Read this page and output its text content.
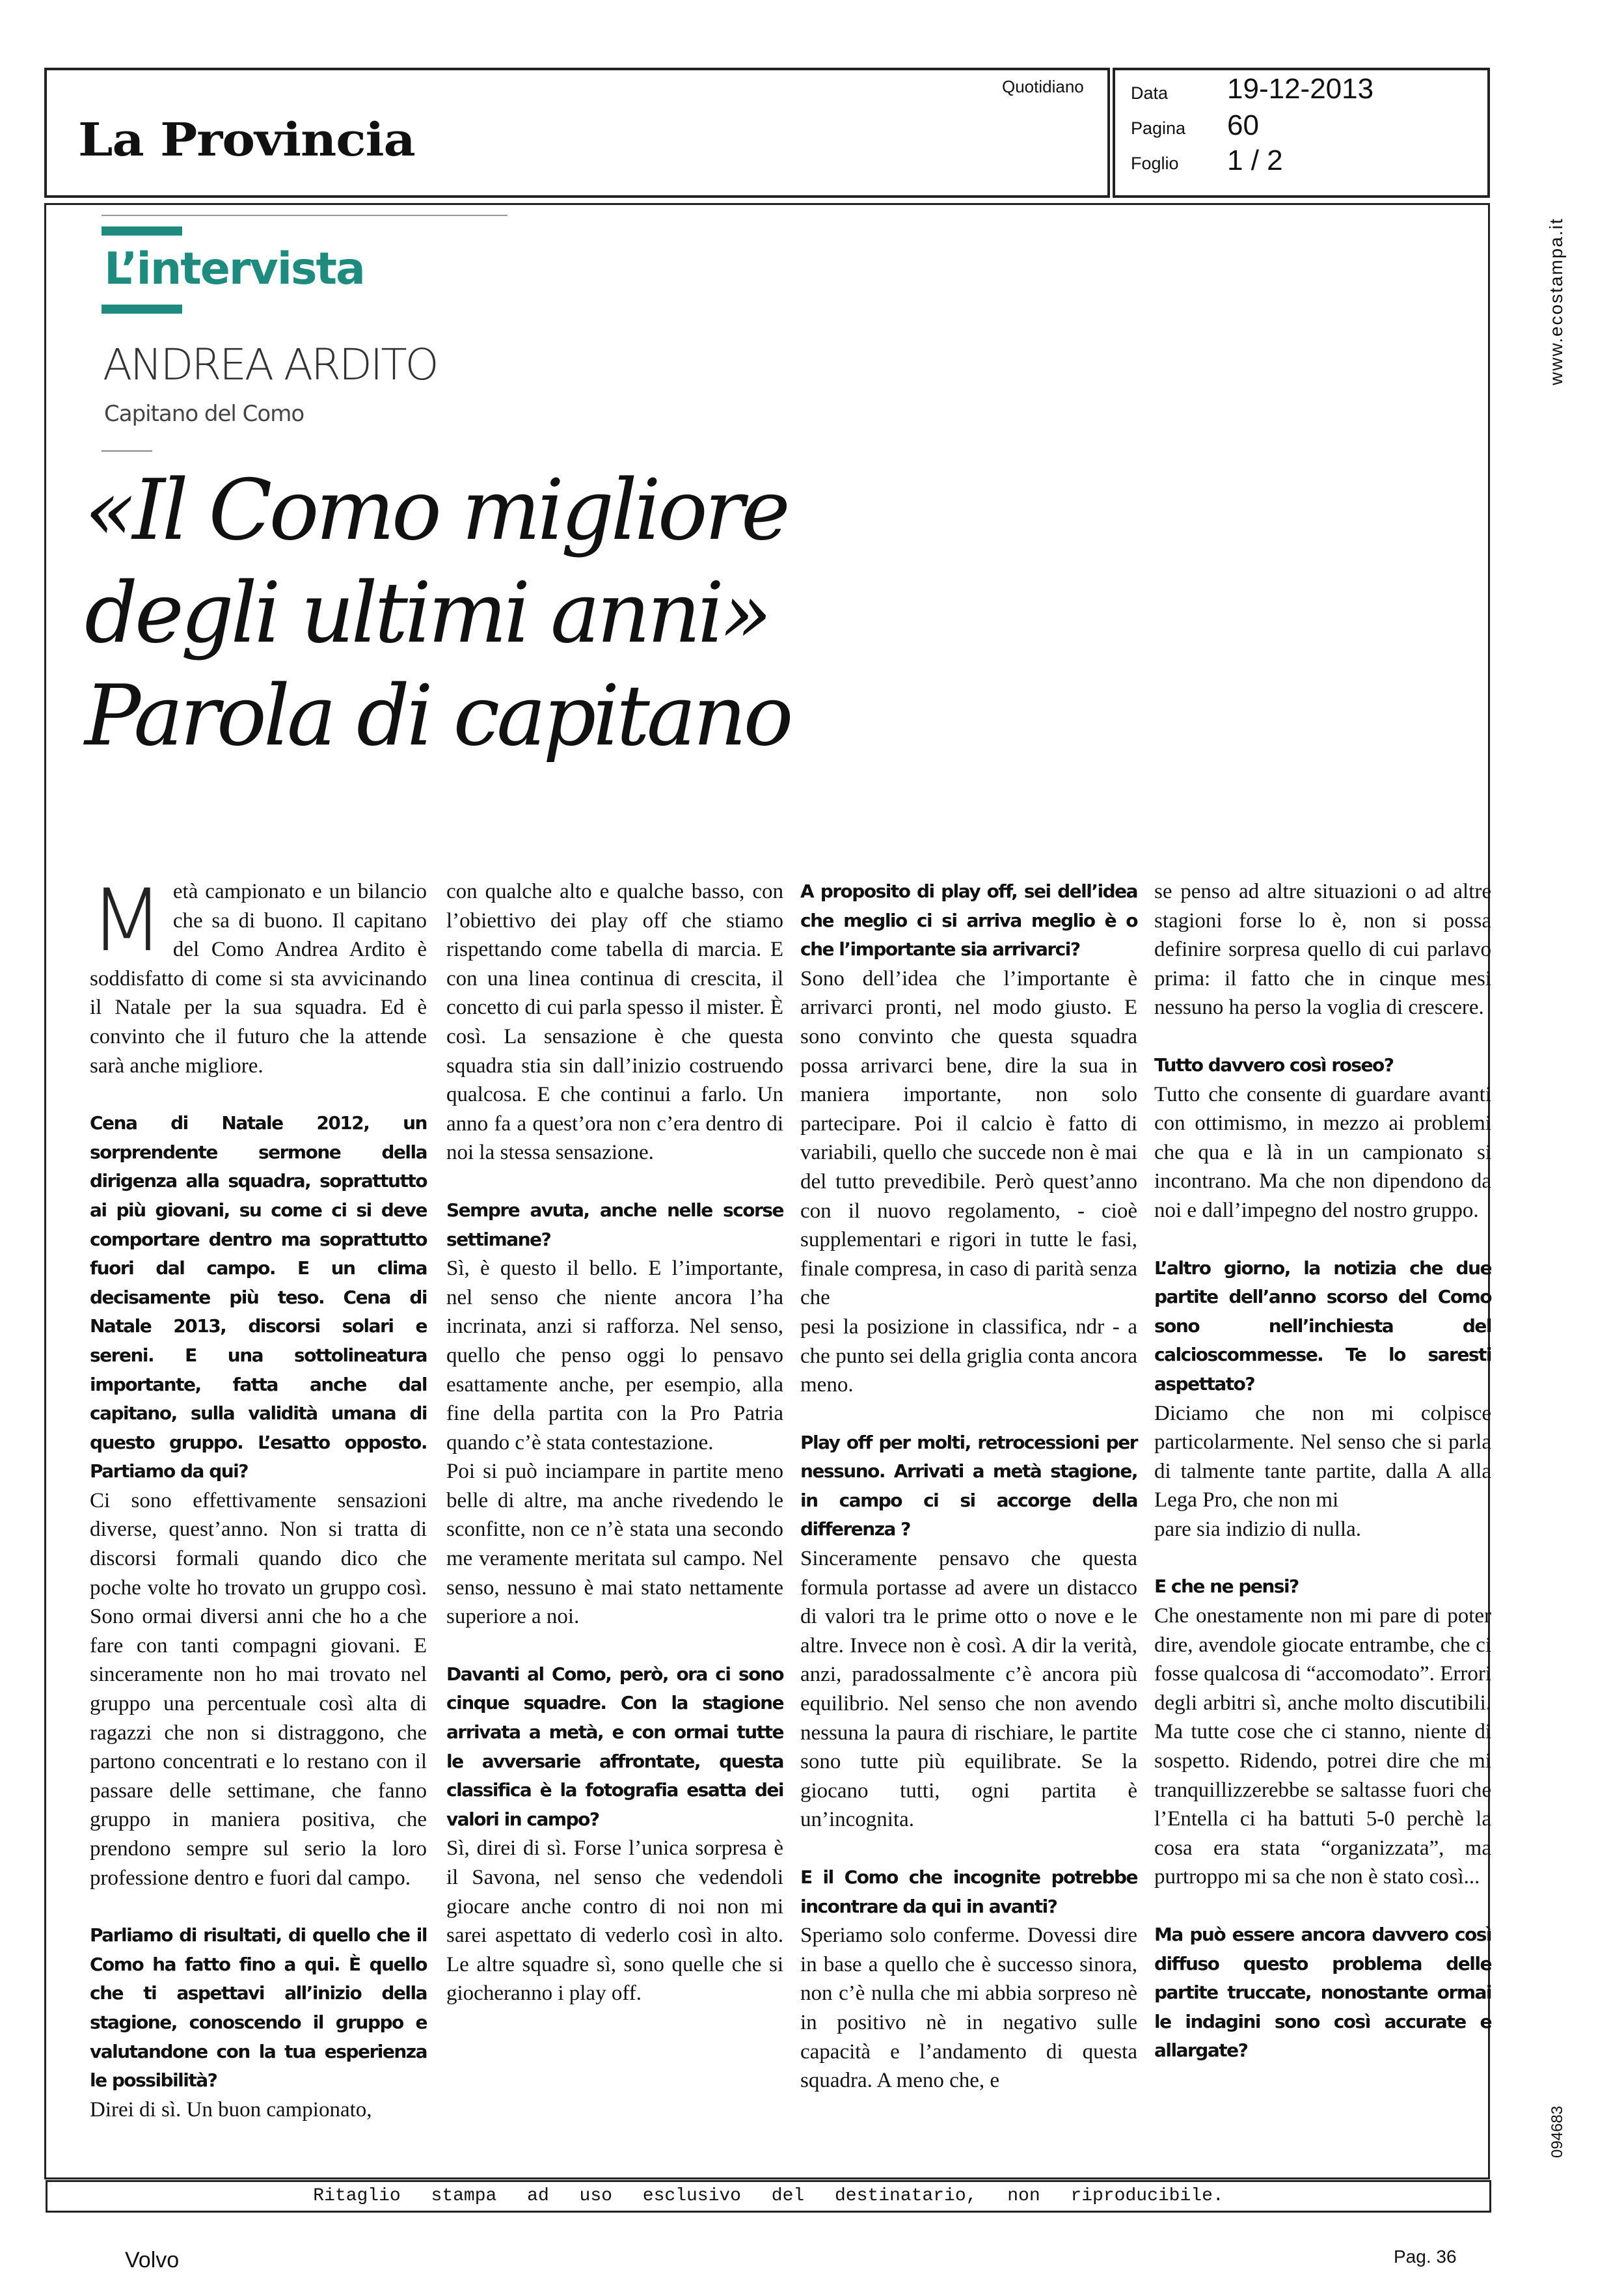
La Provincia
Quotidiano	Data 19-12-2013
Pagina 60
Foglio 1 / 2
L’intervista
ANDREA ARDITO
Capitano del Como
«Il Como migliore
degli ultimi anni»
Parola di capitano

Metà campionato e un bilancio che sa di buono. Il capitano del Como Andrea Ardito è soddisfatto di come si sta avvicinando il Natale per la sua squadra. Ed è convinto che il futuro che la attende sarà anche migliore.

Cena di Natale 2012, un sorprendente sermone della dirigenza alla squadra, soprattutto ai più giovani, su come ci si deve comportare dentro ma soprattutto fuori dal campo. E un clima decisamente più teso. Cena di Natale 2013, discorsi solari e sereni. E una sottolineatura importante, fatta anche dal capitano, sulla validità umana di questo gruppo. L’esatto opposto. Partiamo da qui?

Ci sono effettivamente sensazioni diverse, quest’anno. Non si tratta di discorsi formali quando dico che poche volte ho trovato un gruppo così. Sono ormai diversi anni che ho a che fare con tanti compagni giovani. E sinceramente non ho mai trovato nel gruppo una percentuale così alta di ragazzi che non si distraggono, che partono concentrati e lo restano con il passare delle settimane, che fanno gruppo in maniera positiva, che prendono sempre sul serio la loro professione dentro e fuori dal campo.

Parliamo di risultati, di quello che il Como ha fatto fino a qui. È quello che ti aspettavi all’inizio della stagione, conoscendo il gruppo e valutandone con la tua esperienza le possibilità?

Direi di sì. Un buon campionato,

con qualche alto e qualche basso, con l’obiettivo dei play off che stiamo rispettando come tabella di marcia. E con una linea continua di crescita, il concetto di cui parla spesso il mister. È così. La sensazione è che questa squadra stia sin dall’inizio costruendo qualcosa. E che continui a farlo. Un anno fa a quest’ora non c’era dentro di noi la stessa sensazione.

Sempre avuta, anche nelle scorse settimane?

Sì, è questo il bello. E l’importante, nel senso che niente ancora l’ha incrinata, anzi si rafforza. Nel senso, quello che penso oggi lo pensavo esattamente anche, per esempio, alla fine della partita con la Pro Patria quando c’è stata contestazione.

Poi si può inciampare in partite meno belle di altre, ma anche rivedendo le sconfitte, non ce n’è stata una secondo me veramente meritata sul campo. Nel senso, nessuno è mai stato nettamente superiore a noi.

Davanti al Como, però, ora ci sono cinque squadre. Con la stagione arrivata a metà, e con ormai tutte le avversarie affrontate, questa classifica è la fotografia esatta dei valori in campo?

Sì, direi di sì. Forse l’unica sorpresa è il Savona, nel senso che vedendoli giocare anche contro di noi non mi sarei aspettato di vederlo così in alto. Le altre squadre sì, sono quelle che si giocheranno i play off.

A proposito di play off, sei dell’idea che meglio ci si arriva meglio è o che l’importante sia arrivarci?

Sono dell’idea che l’importante è arrivarci pronti, nel modo giusto. E sono convinto che questa squadra possa arrivarci bene, dire la sua in maniera importante, non solo partecipare. Poi il calcio è fatto di variabili, quello che succede non è mai del tutto prevedibile. Però quest’anno con il nuovo regolamento, - cioè supplementari e rigori in tutte le fasi, finale compresa, in caso di parità senza che

pesi la posizione in classifica, ndr - a che punto sei della griglia conta ancora meno.

Play off per molti, retrocessioni per nessuno. Arrivati a metà stagione, in campo ci si accorge della differenza ?

Sinceramente pensavo che questa formula portasse ad avere un distacco di valori tra le prime otto o nove e le altre. Invece non è così. A dir la verità, anzi, paradossalmente c’è ancora più equilibrio. Nel senso che non avendo nessuna la paura di rischiare, le partite sono tutte più equilibrate. Se la giocano tutti, ogni partita è un’incognita.

E il Como che incognite potrebbe incontrare da qui in avanti?

Speriamo solo conferme. Dovessi dire in base a quello che è successo sinora, non c’è nulla che mi abbia sorpreso nè in positivo nè in negativo sulle capacità e l’andamento di questa squadra. A meno che, e

se penso ad altre situazioni o ad altre stagioni forse lo è, non si possa definire sorpresa quello di cui parlavo prima: il fatto che in cinque mesi nessuno ha perso la voglia di crescere.

Tutto davvero così roseo?

Tutto che consente di guardare avanti con ottimismo, in mezzo ai problemi che qua e là in un campionato si incontrano. Ma che non dipendono da noi e dall’impegno del nostro gruppo.

L’altro giorno, la notizia che due partite dell’anno scorso del Como sono nell’inchiesta del calcioscommesse. Te lo saresti aspettato?

Diciamo che non mi colpisce particolarmente. Nel senso che si parla di talmente tante partite, dalla A alla Lega Pro, che non mi

pare sia indizio di nulla.

E che ne pensi?

Che onestamente non mi pare di poter dire, avendole giocate entrambe, che ci fosse qualcosa di “accomodato”. Errori degli arbitri sì, anche molto discutibili. Ma tutte cose che ci stanno, niente di sospetto. Ridendo, potrei dire che mi tranquillizzerebbe se saltasse fuori che l’Entella ci ha battuti 5-0 perchè la cosa era stata “organizzata”, ma purtroppo mi sa che non è stato così...

Ma può essere ancora davvero così diffuso questo problema delle partite truccate, nonostante ormai le indagini sono così accurate e allargate?

www.ecostampa.it
094683
Ritaglio stampa ad uso esclusivo del destinatario, non riproducibile.
Volvo	Pag. 36
